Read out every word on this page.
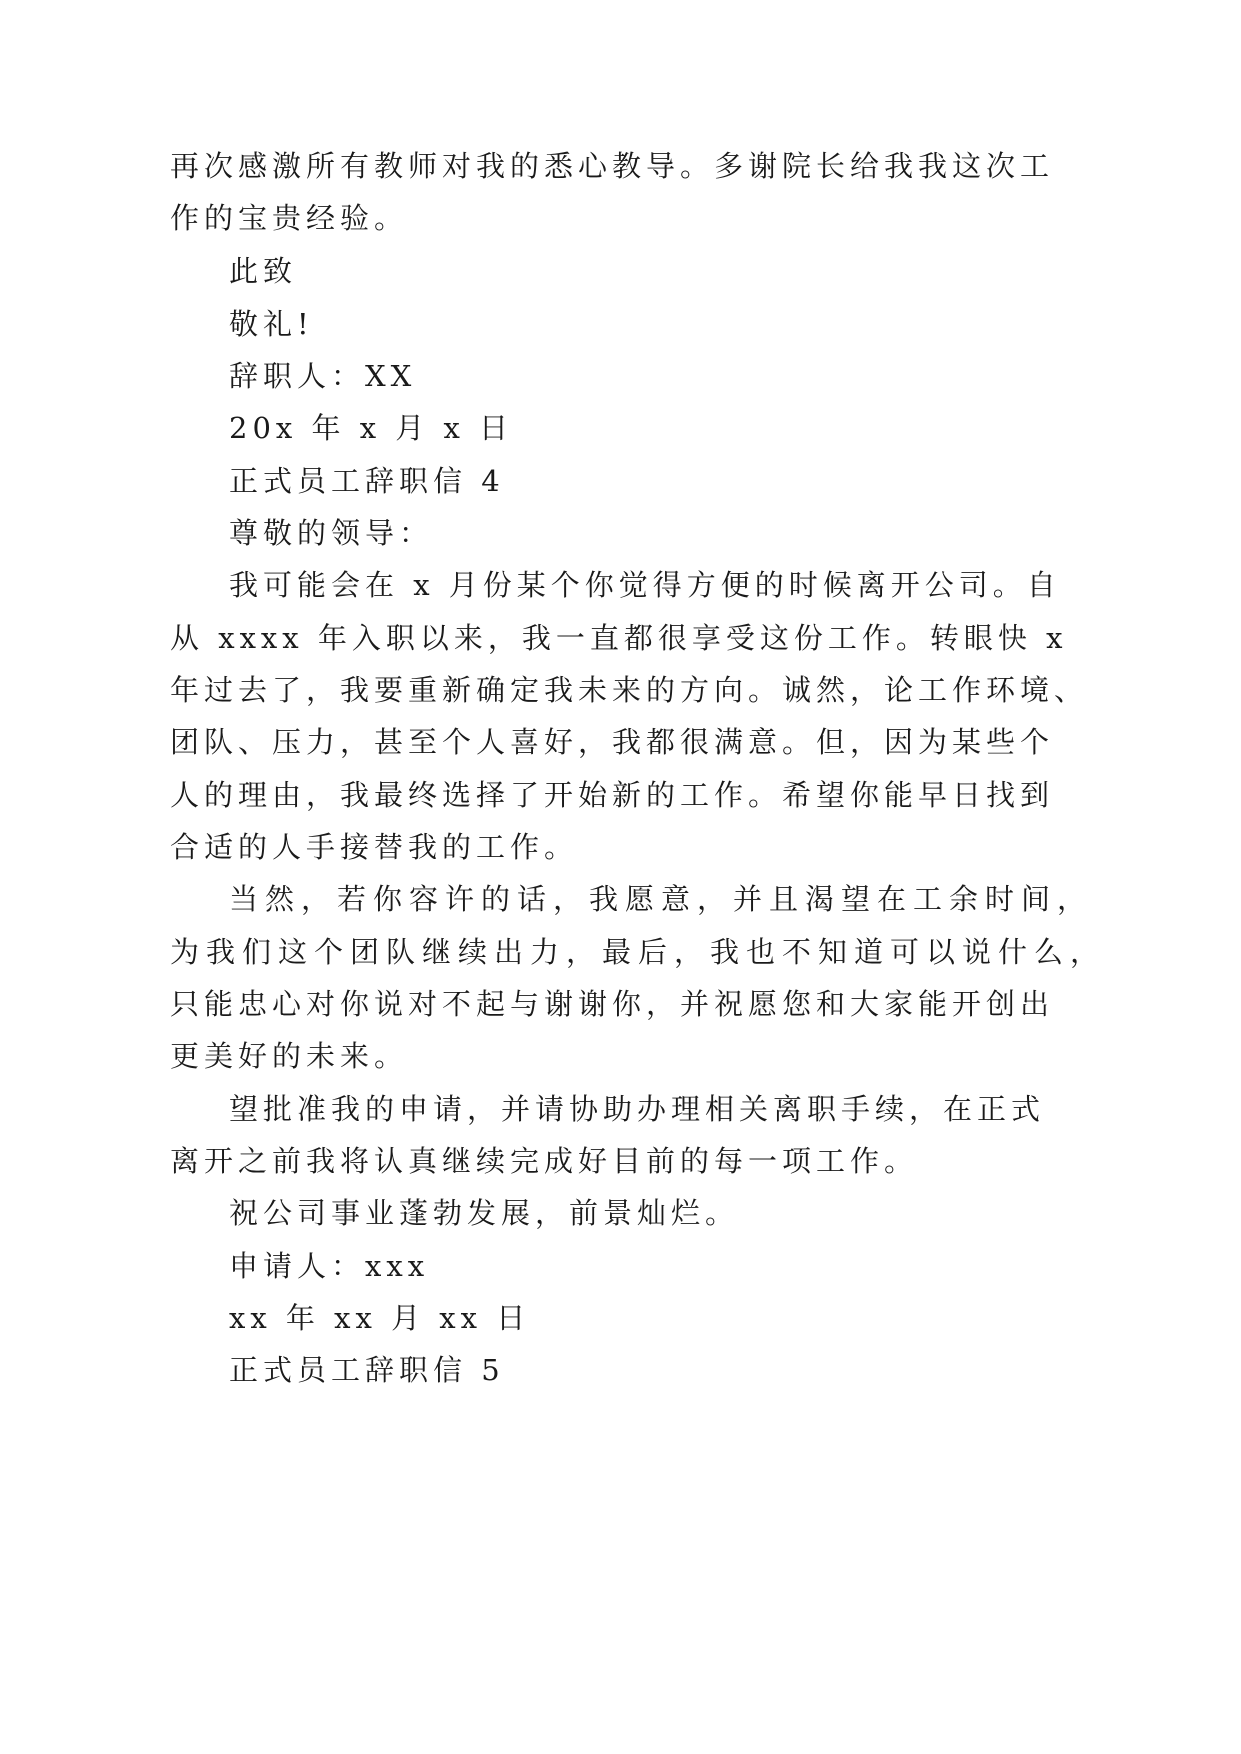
再次感激所有教师对我的悉心教导。多谢院长给我我这次工
作的宝贵经验。
此致
敬礼!
辞职人：XX
20x 年 x 月 x 日
正式员工辞职信 4
尊敬的领导：
我可能会在 x 月份某个你觉得方便的时候离开公司。自
从 xxxx 年入职以来，我一直都很享受这份工作。转眼快 x
年过去了，我要重新确定我未来的方向。诚然，论工作环境、
团队、压力，甚至个人喜好，我都很满意。但，因为某些个
人的理由，我最终选择了开始新的工作。希望你能早日找到
合适的人手接替我的工作。
当然，若你容许的话，我愿意，并且渴望在工余时间，
为我们这个团队继续出力，最后，我也不知道可以说什么，
只能忠心对你说对不起与谢谢你，并祝愿您和大家能开创出
更美好的未来。
望批准我的申请，并请协助办理相关离职手续，在正式
离开之前我将认真继续完成好目前的每一项工作。
祝公司事业蓬勃发展，前景灿烂。
申请人：xxx
xx 年 xx 月 xx 日
正式员工辞职信 5
